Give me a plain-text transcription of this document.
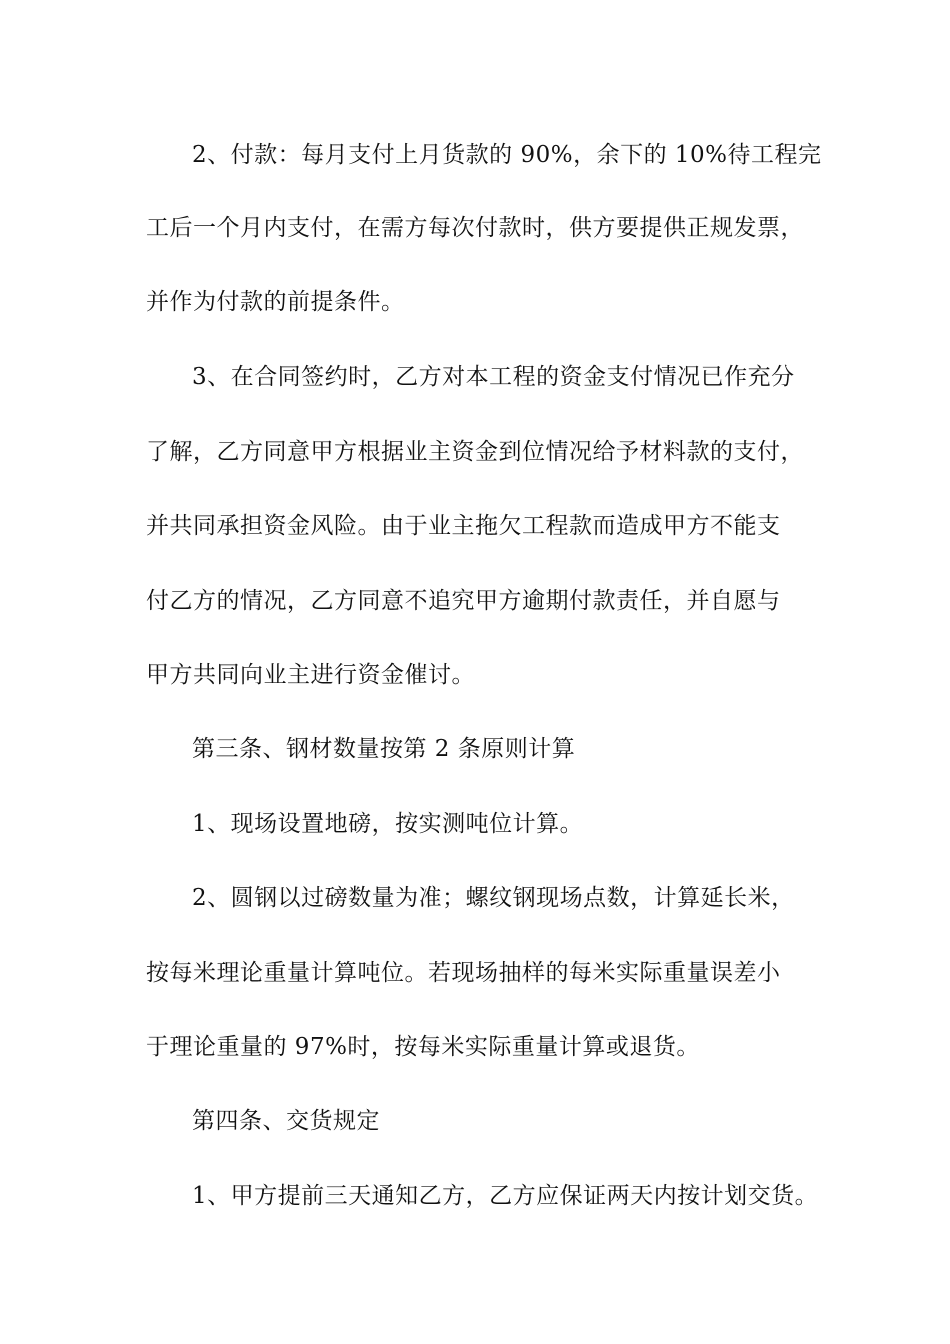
2、付款：每月支付上月货款的 90%，余下的 10%待工程完
工后一个月内支付，在需方每次付款时，供方要提供正规发票，
并作为付款的前提条件。
3、在合同签约时，乙方对本工程的资金支付情况已作充分
了解，乙方同意甲方根据业主资金到位情况给予材料款的支付，
并共同承担资金风险。由于业主拖欠工程款而造成甲方不能支
付乙方的情况，乙方同意不追究甲方逾期付款责任，并自愿与
甲方共同向业主进行资金催讨。
第三条、钢材数量按第 2 条原则计算
1、现场设置地磅，按实测吨位计算。
2、圆钢以过磅数量为准；螺纹钢现场点数，计算延长米，
按每米理论重量计算吨位。若现场抽样的每米实际重量误差小
于理论重量的 97%时，按每米实际重量计算或退货。
第四条、交货规定
1、甲方提前三天通知乙方，乙方应保证两天内按计划交货。
